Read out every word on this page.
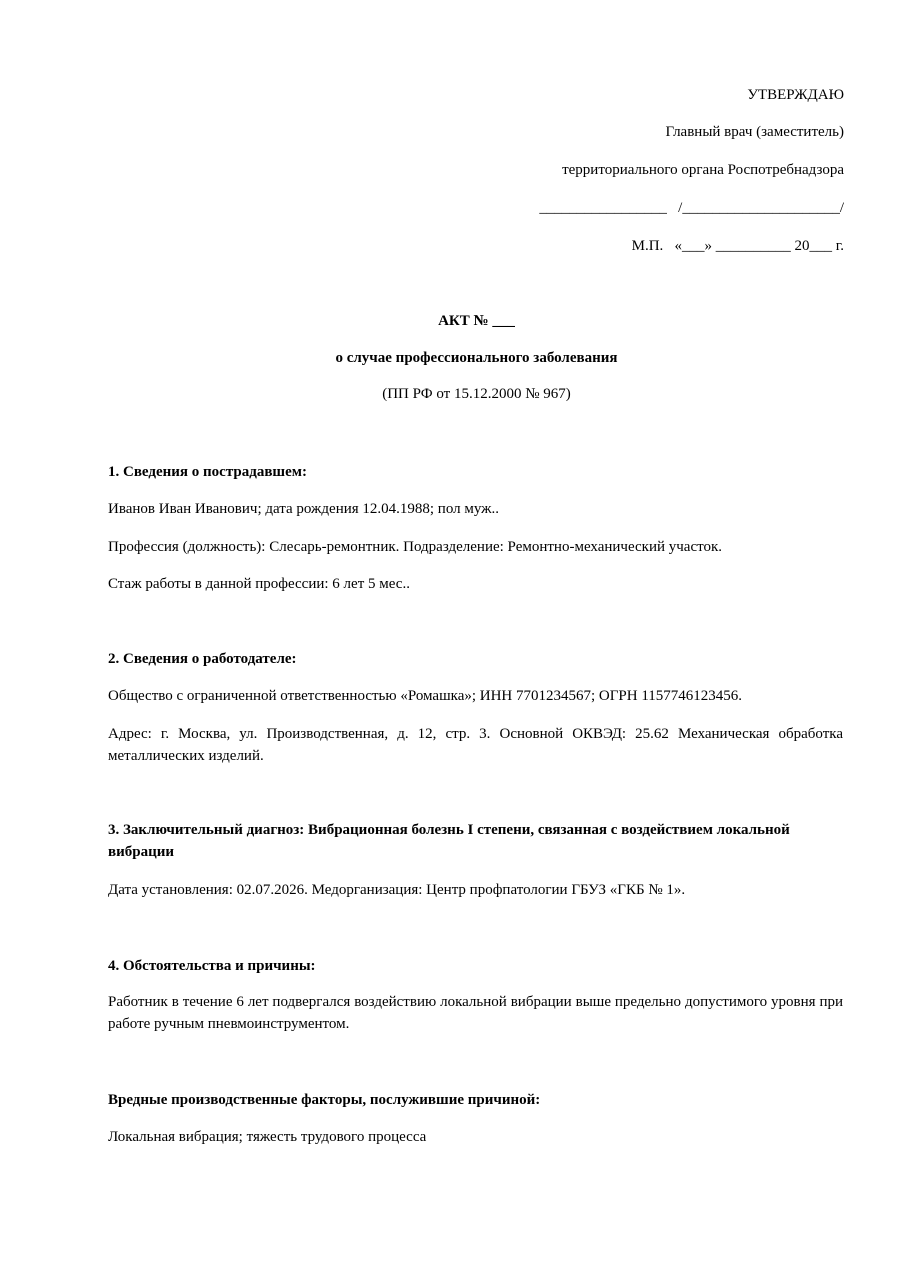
УТВЕРЖДАЮ
Главный врач (заместитель)
территориального органа Роспотребнадзора
_________________   /_____________________/
М.П.   «___» __________ 20___ г.
АКТ № ___
о случае профессионального заболевания
(ПП РФ от 15.12.2000 № 967)
1. Сведения о пострадавшем:
Иванов Иван Иванович; дата рождения 12.04.1988; пол муж..
Профессия (должность): Слесарь-ремонтник. Подразделение: Ремонтно-механический участок.
Стаж работы в данной профессии: 6 лет 5 мес..
2. Сведения о работодателе:
Общество с ограниченной ответственностью «Ромашка»; ИНН 7701234567; ОГРН 1157746123456.
Адрес: г. Москва, ул. Производственная, д. 12, стр. 3. Основной ОКВЭД: 25.62 Механическая обработка металлических изделий.
3. Заключительный диагноз: Вибрационная болезнь I степени, связанная с воздействием локальной вибрации
Дата установления: 02.07.2026. Медорганизация: Центр профпатологии ГБУЗ «ГКБ № 1».
4. Обстоятельства и причины:
Работник в течение 6 лет подвергался воздействию локальной вибрации выше предельно допустимого уровня при работе ручным пневмоинструментом.
Вредные производственные факторы, послужившие причиной:
Локальная вибрация; тяжесть трудового процесса
